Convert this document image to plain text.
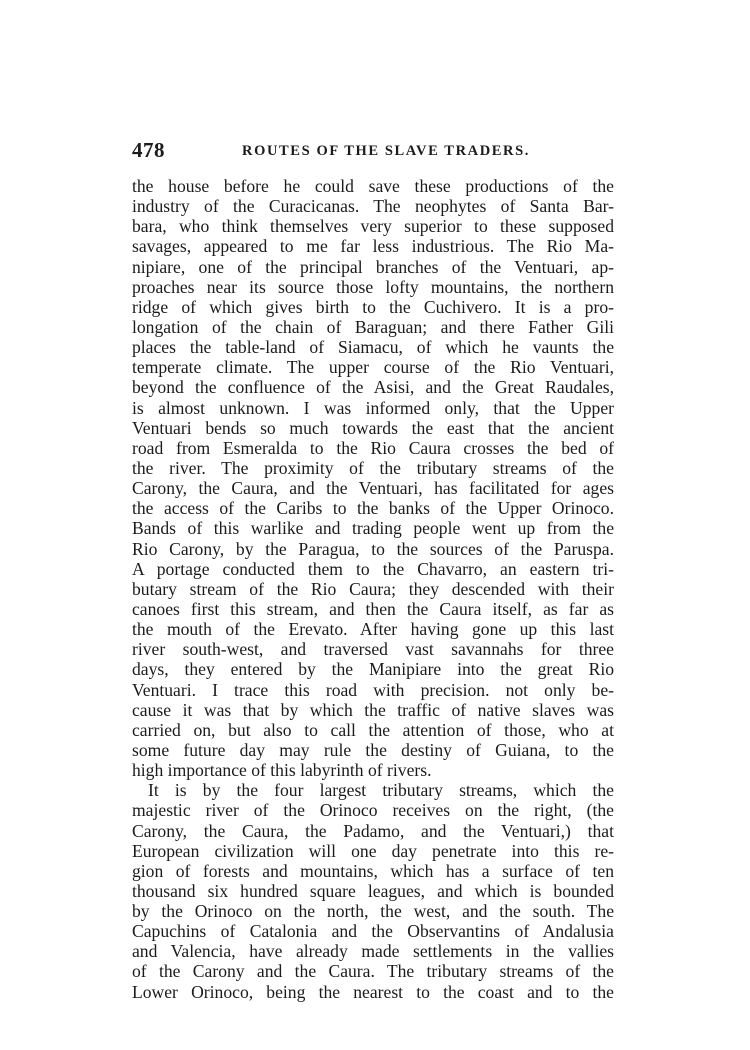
478	ROUTES OF THE SLAVE TRADERS.
the house before he could save these productions of the
industry of the Curacicanas. The neophytes of Santa Bar-
bara, who think themselves very superior to these supposed
savages, appeared to me far less industrious. The Rio Ma-
nipiare, one of the principal branches of the Ventuari, ap-
proaches near its source those lofty mountains, the northern
ridge of which gives birth to the Cuchivero. It is a pro-
longation of the chain of Baraguan; and there Father Gili
places the table-land of Siamacu, of which he vaunts the
temperate climate. The upper course of the Rio Ventuari,
beyond the confluence of the Asisi, and the Great Raudales,
is almost unknown. I was informed only, that the Upper
Ventuari bends so much towards the east that the ancient
road from Esmeralda to the Rio Caura crosses the bed of
the river. The proximity of the tributary streams of the
Carony, the Caura, and the Ventuari, has facilitated for ages
the access of the Caribs to the banks of the Upper Orinoco.
Bands of this warlike and trading people went up from the
Rio Carony, by the Paragua, to the sources of the Paruspa.
A portage conducted them to the Chavarro, an eastern tri-
butary stream of the Rio Caura; they descended with their
canoes first this stream, and then the Caura itself, as far as
the mouth of the Erevato. After having gone up this last
river south-west, and traversed vast savannahs for three
days, they entered by the Manipiare into the great Rio
Ventuari. I trace this road with precision. not only be-
cause it was that by which the traffic of native slaves was
carried on, but also to call the attention of those, who at
some future day may rule the destiny of Guiana, to the
high importance of this labyrinth of rivers.
It is by the four largest tributary streams, which the
majestic river of the Orinoco receives on the right, (the
Carony, the Caura, the Padamo, and the Ventuari,) that
European civilization will one day penetrate into this re-
gion of forests and mountains, which has a surface of ten
thousand six hundred square leagues, and which is bounded
by the Orinoco on the north, the west, and the south. The
Capuchins of Catalonia and the Observantins of Andalusia
and Valencia, have already made settlements in the vallies
of the Carony and the Caura. The tributary streams of the
Lower Orinoco, being the nearest to the coast and to the
